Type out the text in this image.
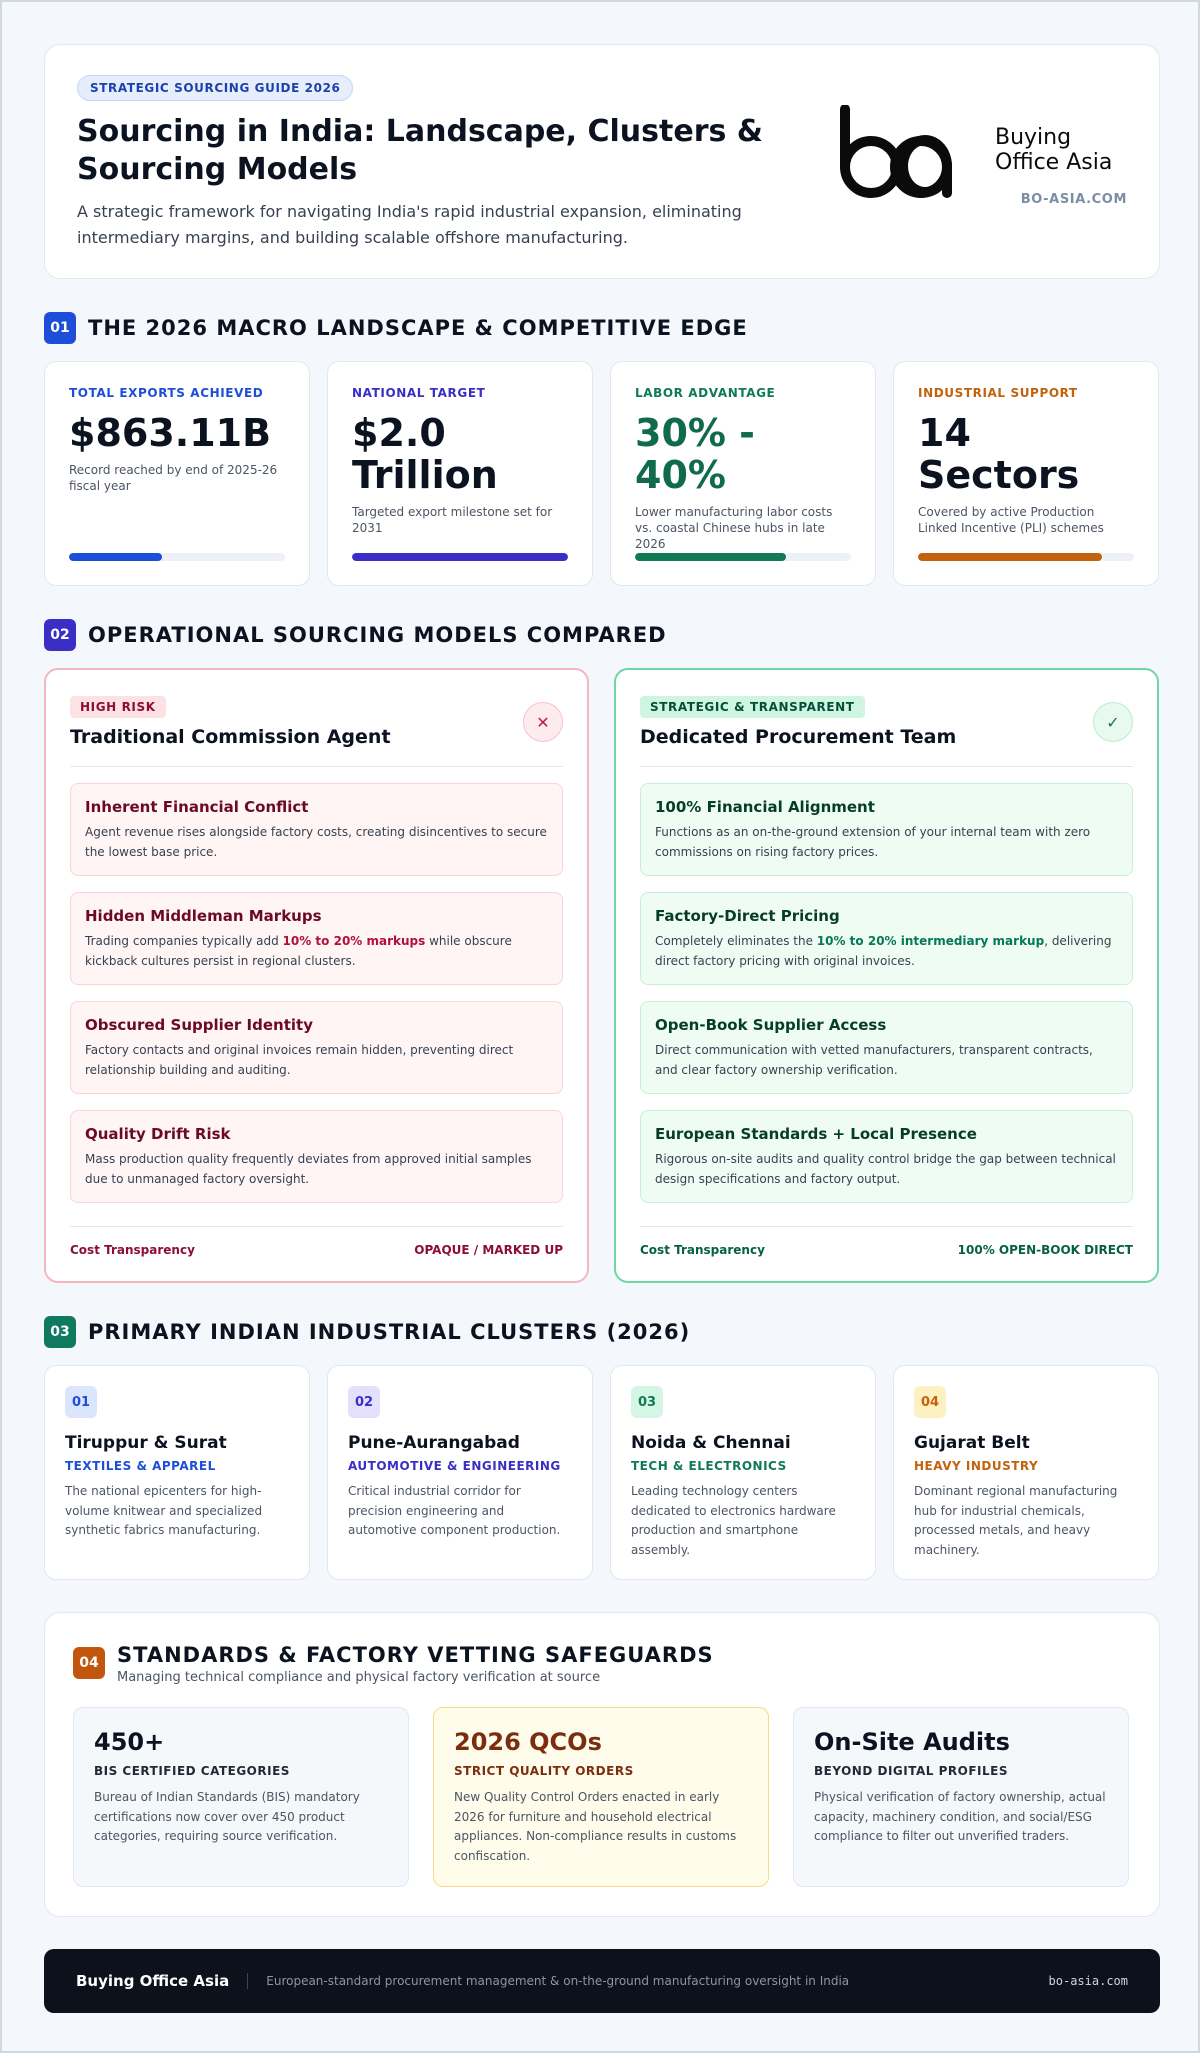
STRATEGIC SOURCING GUIDE 2026
Sourcing in India: Landscape, Clusters & Sourcing Models

A strategic framework for navigating India's rapid industrial expansion, eliminating intermediary margins, and building scalable offshore manufacturing.

Buying
Office Asia
BO-ASIA.COM
01 THE 2026 MACRO LANDSCAPE & COMPETITIVE EDGE
TOTAL EXPORTS ACHIEVED
$863.11B
Record reached by end of 2025-26 fiscal year
NATIONAL TARGET
$2.0 Trillion
Targeted export milestone set for 2031
LABOR ADVANTAGE
30% - 40%
Lower manufacturing labor costs vs. coastal Chinese hubs in late 2026
INDUSTRIAL SUPPORT
14 Sectors
Covered by active Production Linked Incentive (PLI) schemes
02 OPERATIONAL SOURCING MODELS COMPARED
HIGH RISK
Traditional Commission Agent
✕
Inherent Financial Conflict

Agent revenue rises alongside factory costs, creating disincentives to secure the lowest base price.

Hidden Middleman Markups

Trading companies typically add 10% to 20% markups while obscure kickback cultures persist in regional clusters.

Obscured Supplier Identity

Factory contacts and original invoices remain hidden, preventing direct relationship building and auditing.

Quality Drift Risk

Mass production quality frequently deviates from approved initial samples due to unmanaged factory oversight.

Cost Transparency	OPAQUE / MARKED UP
STRATEGIC & TRANSPARENT
Dedicated Procurement Team
✓
100% Financial Alignment

Functions as an on-the-ground extension of your internal team with zero commissions on rising factory prices.

Factory-Direct Pricing

Completely eliminates the 10% to 20% intermediary markup, delivering direct factory pricing with original invoices.

Open-Book Supplier Access

Direct communication with vetted manufacturers, transparent contracts, and clear factory ownership verification.

European Standards + Local Presence

Rigorous on-site audits and quality control bridge the gap between technical design specifications and factory output.

Cost Transparency	100% OPEN-BOOK DIRECT
03 PRIMARY INDIAN INDUSTRIAL CLUSTERS (2026)
01
Tiruppur & Surat
TEXTILES & APPAREL

The national epicenters for high-volume knitwear and specialized synthetic fabrics manufacturing.

02
Pune-Aurangabad
AUTOMOTIVE & ENGINEERING

Critical industrial corridor for precision engineering and automotive component production.

03
Noida & Chennai
TECH & ELECTRONICS

Leading technology centers dedicated to electronics hardware production and smartphone assembly.

04
Gujarat Belt
HEAVY INDUSTRY

Dominant regional manufacturing hub for industrial chemicals, processed metals, and heavy machinery.

04 STANDARDS & FACTORY VETTING SAFEGUARDS
Managing technical compliance and physical factory verification at source
450+
BIS CERTIFIED CATEGORIES

Bureau of Indian Standards (BIS) mandatory certifications now cover over 450 product categories, requiring source verification.

2026 QCOs
STRICT QUALITY ORDERS

New Quality Control Orders enacted in early 2026 for furniture and household electrical appliances. Non-compliance results in customs confiscation.

On-Site Audits
BEYOND DIGITAL PROFILES

Physical verification of factory ownership, actual capacity, machinery condition, and social/ESG compliance to filter out unverified traders.

Buying Office Asia	European-standard procurement management & on-the-ground manufacturing oversight in India	bo-asia.com
